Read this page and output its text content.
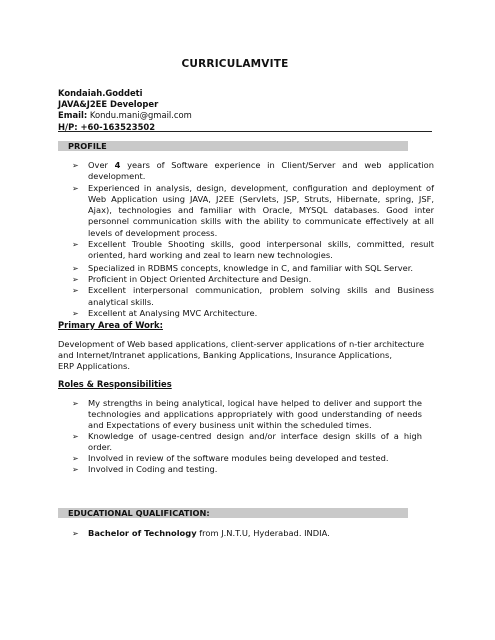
CURRICULAMVITE
Kondaiah.Goddeti
JAVA&J2EE Developer
Email: Kondu.mani@gmail.com
H/P: +60-163523502
PROFILE
➢ Over 4 years of Software experience in Client/Server and web application development.
➢ Experienced in analysis, design, development, configuration and deployment of Web Application using JAVA, J2EE (Servlets, JSP, Struts, Hibernate, spring, JSF, Ajax), technologies and familiar with Oracle, MYSQL databases. Good inter personnel communication skills with the ability to communicate effectively at all levels of development process.
➢ Excellent Trouble Shooting skills, good interpersonal skills, committed, result oriented, hard working and zeal to learn new technologies.
➢ Specialized in RDBMS concepts, knowledge in C, and familiar with SQL Server.
➢ Proficient in Object Oriented Architecture and Design.
➢ Excellent interpersonal communication, problem solving skills and Business analytical skills.
➢ Excellent at Analysing MVC Architecture.
Primary Area of Work:
Development of Web based applications, client-server applications of n-tier architecture
and Internet/Intranet applications, Banking Applications, Insurance Applications,
ERP Applications.
Roles & Responsibilities
➢ My strengths in being analytical, logical have helped to deliver and support the technologies and applications appropriately with good understanding of needs and Expectations of every business unit within the scheduled times.
➢ Knowledge of usage-centred design and/or interface design skills of a high order.
➢ Involved in review of the software modules being developed and tested.
➢ Involved in Coding and testing.
EDUCATIONAL QUALIFICATION:
➢ Bachelor of Technology from J.N.T.U, Hyderabad. INDIA.
